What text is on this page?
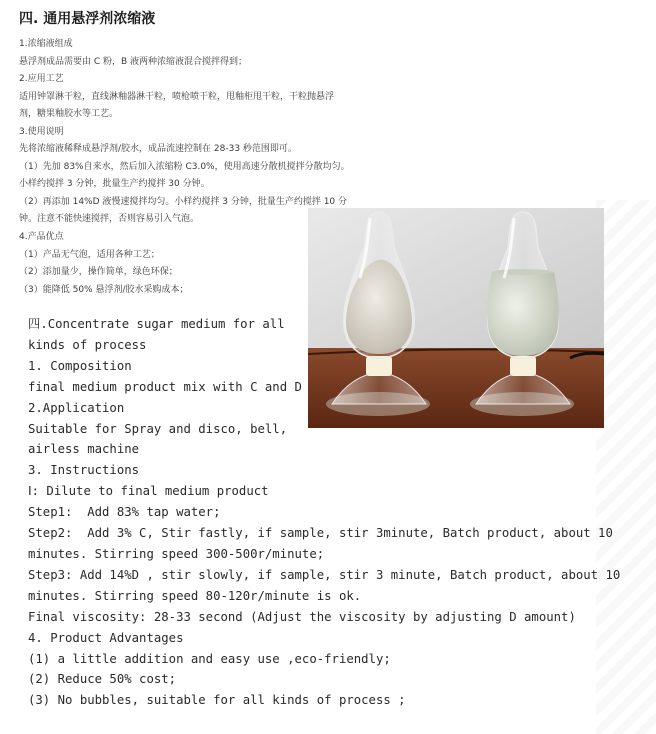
四. 通用悬浮剂浓缩液

1.浓缩液组成

悬浮剂成品需要由 C 粉，B 液两种浓缩液混合搅拌得到；

2.应用工艺

适用钟罩淋干粒，直线淋釉器淋干粒，喷枪喷干粒，甩釉柜甩干粒，干粒抛悬浮

剂，糖果釉胶水等工艺。

3.使用说明

先将浓缩液稀释成悬浮剂/胶水，成品流速控制在 28-33 秒范围即可。

（1）先加 83%自来水，然后加入浓缩粉 C3.0%，使用高速分散机搅拌分散均匀。

小样约搅拌 3 分钟，批量生产约搅拌 30 分钟。

（2）再添加 14%D 液慢速搅拌均匀。小样约搅拌 3 分钟，批量生产约搅拌 10 分

钟。注意不能快速搅拌，否则容易引入气泡。

4.产品优点

（1）产品无气泡，适用各种工艺；

（2）添加量少，操作简单，绿色环保；

（3）能降低 50% 悬浮剂/胶水采购成本；

四.Concentrate sugar medium for all
kinds of process
1. Composition
final medium product mix with C and D
2.Application
Suitable for Spray and disco, bell,
airless machine
3. Instructions
Ⅰ: Dilute to final medium product
Step1:  Add 83% tap water;
Step2:  Add 3% C, Stir fastly, if sample, stir 3minute, Batch product, about 10
minutes. Stirring speed 300-500r/minute;
Step3: Add 14%D , stir slowly, if sample, stir 3 minute, Batch product, about 10
minutes. Stirring speed 80-120r/minute is ok.
Final viscosity: 28-33 second (Adjust the viscosity by adjusting D amount)
4. Product Advantages
(1) a little addition and easy use ,eco-friendly;
(2) Reduce 50% cost;
(3) No bubbles, suitable for all kinds of process ;
